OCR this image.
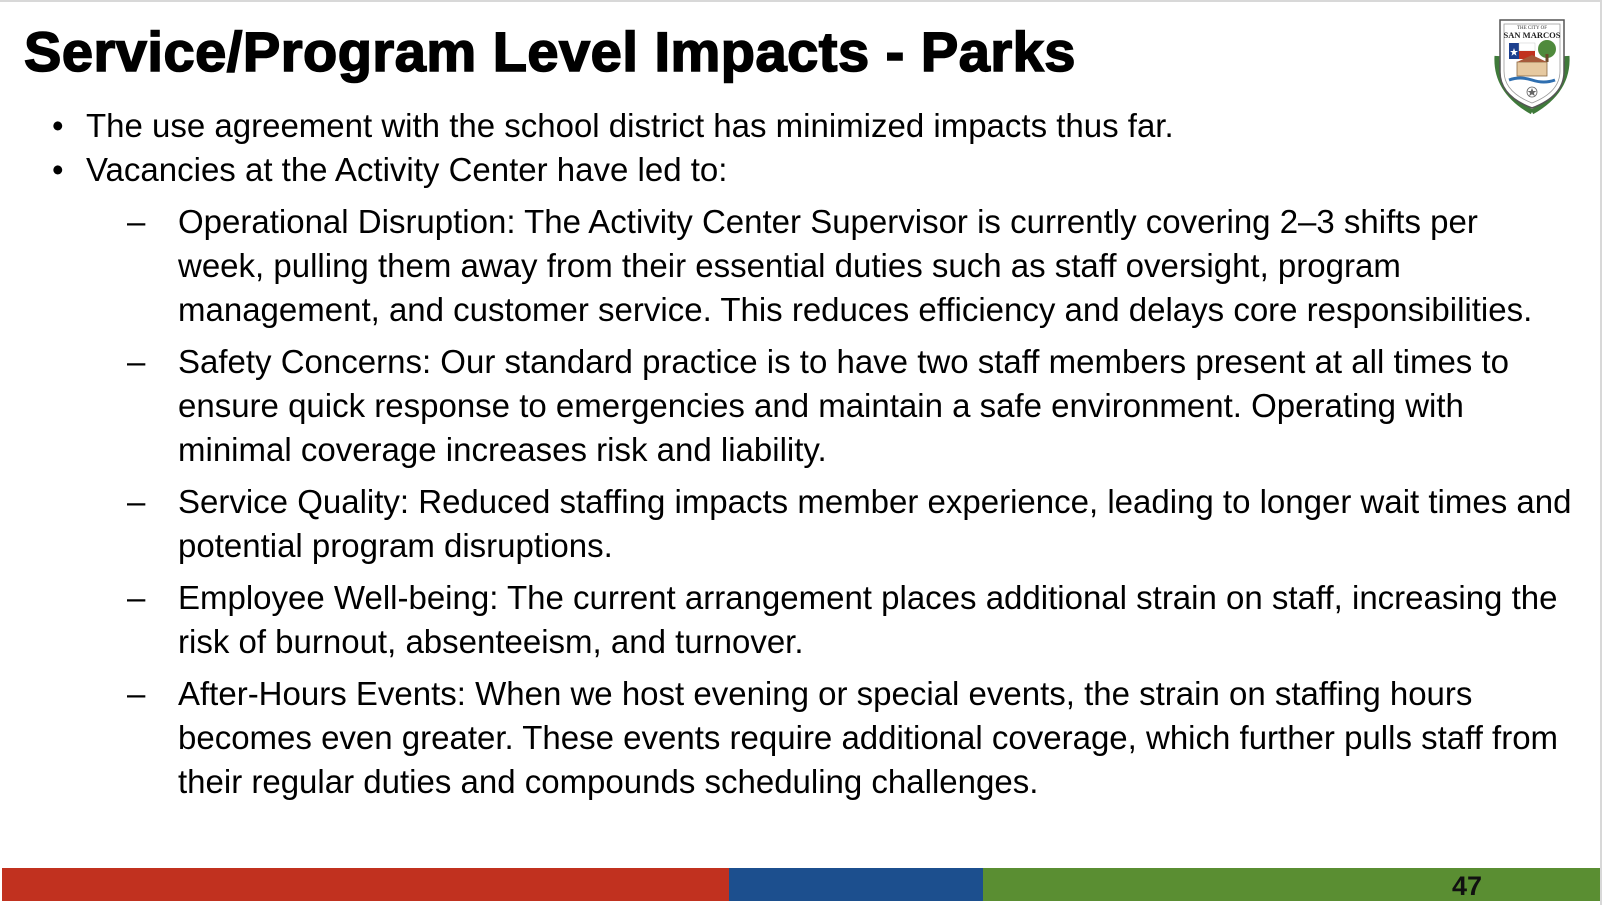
Service/Program Level Impacts - Parks	THE CITY OF
SAN MARCOS
• The use agreement with the school district has minimized impacts thus far.
• Vacancies at the Activity Center have led to:
– Operational Disruption: The Activity Center Supervisor is currently covering 2–3 shifts per week, pulling them away from their essential duties such as staff oversight, program management, and customer service. This reduces efficiency and delays core responsibilities.
– Safety Concerns: Our standard practice is to have two staff members present at all times to ensure quick response to emergencies and maintain a safe environment. Operating with minimal coverage increases risk and liability.
– Service Quality: Reduced staffing impacts member experience, leading to longer wait times and potential program disruptions.
– Employee Well-being: The current arrangement places additional strain on staff, increasing the risk of burnout, absenteeism, and turnover.
– After-Hours Events: When we host evening or special events, the strain on staffing hours becomes even greater. These events require additional coverage, which further pulls staff from their regular duties and compounds scheduling challenges.
47
